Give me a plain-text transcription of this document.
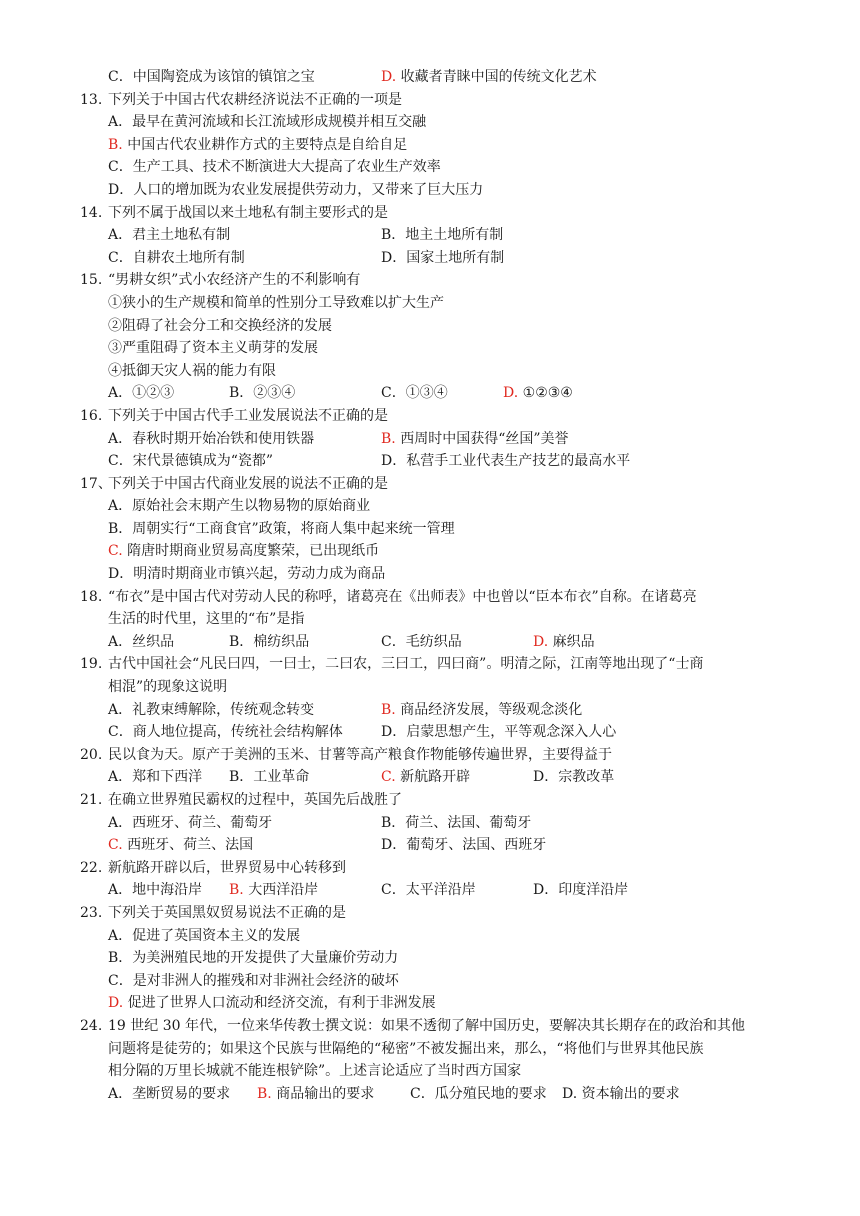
C．中国陶瓷成为该馆的镇馆之宝	D. 收藏者青睐中国的传统文化艺术
13. 下列关于中国古代农耕经济说法不正确的一项是
A．最早在黄河流域和长江流域形成规模并相互交融
B. 中国古代农业耕作方式的主要特点是自给自足
C．生产工具、技术不断演进大大提高了农业生产效率
D．人口的增加既为农业发展提供劳动力，又带来了巨大压力
14. 下列不属于战国以来土地私有制主要形式的是
A．君主土地私有制	B．地主土地所有制
C．自耕农土地所有制	D．国家土地所有制
15. “男耕女织”式小农经济产生的不利影响有
①狭小的生产规模和简单的性别分工导致难以扩大生产
②阻碍了社会分工和交换经济的发展
③严重阻碍了资本主义萌芽的发展
④抵御天灾人祸的能力有限
A．①②③	B．②③④	C．①③④	D. ①②③④
16. 下列关于中国古代手工业发展说法不正确的是
A．春秋时期开始冶铁和使用铁器	B. 西周时中国获得“丝国”美誉
C．宋代景德镇成为“瓷都”	D．私营手工业代表生产技艺的最高水平
17、
下列关于中国古代商业发展的说法不正确的是
A．原始社会末期产生以物易物的原始商业
B．周朝实行“工商食官”政策，将商人集中起来统一管理
C. 隋唐时期商业贸易高度繁荣，已出现纸币
D．明清时期商业市镇兴起，劳动力成为商品
18. “布衣”是中国古代对劳动人民的称呼，诸葛亮在《出师表》中也曾以“臣本布衣”自称。在诸葛亮
生活的时代里，这里的“布”是指
A．丝织品	B．棉纺织品	C．毛纺织品	D. 麻织品
19. 古代中国社会“凡民曰四，一曰士，二曰农，三曰工，四曰商”。明清之际，江南等地出现了“士商
相混”的现象这说明
A．礼教束缚解除，传统观念转变	B. 商品经济发展，等级观念淡化
C．商人地位提高，传统社会结构解体	D．启蒙思想产生，平等观念深入人心
20. 民以食为天。原产于美洲的玉米、甘薯等高产粮食作物能够传遍世界，主要得益于
A．郑和下西洋 B．工业革命	C. 新航路开辟	D．宗教改革
21. 在确立世界殖民霸权的过程中，英国先后战胜了
A．西班牙、荷兰、葡萄牙	B．荷兰、法国、葡萄牙
C. 西班牙、荷兰、法国	D．葡萄牙、法国、西班牙
22. 新航路开辟以后，世界贸易中心转移到
A．地中海沿岸 B. 大西洋沿岸	C．太平洋沿岸	D．印度洋沿岸
23. 下列关于英国黑奴贸易说法不正确的是
A．促进了英国资本主义的发展
B．为美洲殖民地的开发提供了大量廉价劳动力
C．是对非洲人的摧残和对非洲社会经济的破坏
D. 促进了世界人口流动和经济交流，有利于非洲发展
24. 19 世纪 30 年代，一位来华传教士撰文说：如果不透彻了解中国历史，要解决其长期存在的政治和其他
问题将是徒劳的；如果这个民族与世隔绝的“秘密”不被发掘出来，那么，“将他们与世界其他民族
相分隔的万里长城就不能连根铲除”。上述言论适应了当时西方国家
A．垄断贸易的要求 B. 商品输出的要求	C．瓜分殖民地的要求 D. 资本输出的要求
